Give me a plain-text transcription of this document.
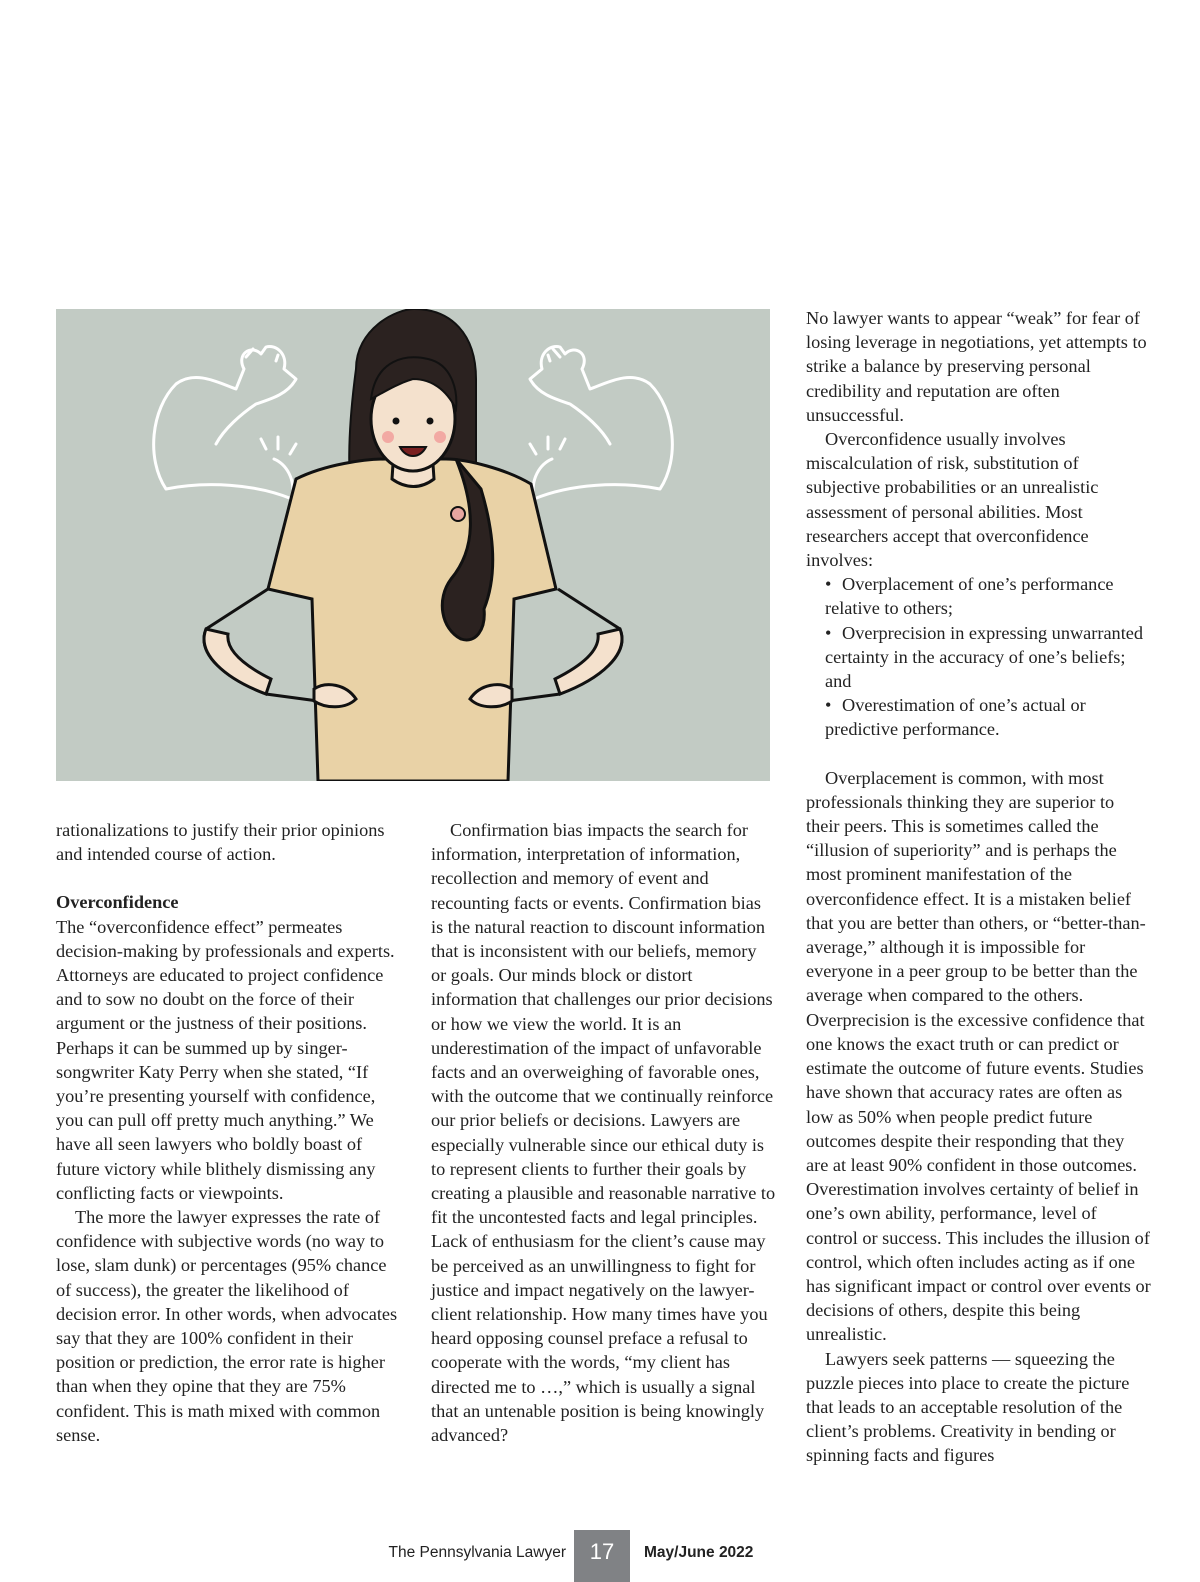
rationalizations to justify their prior opinions and intended course of action.

Overconfidence

The “overconfidence effect” permeates decision-making by professionals and experts. Attorneys are educated to project confidence and to sow no doubt on the force of their argument or the justness of their positions. Perhaps it can be summed up by singer-songwriter Katy Perry when she stated, “If you’re presenting yourself with confidence, you can pull off pretty much anything.” We have all seen lawyers who boldly boast of future victory while blithely dismissing any conflicting facts or viewpoints.

The more the lawyer expresses the rate of confidence with subjective words (no way to lose, slam dunk) or percentages (95% chance of success), the greater the likelihood of decision error. In other words, when advocates say that they are 100% confident in their position or prediction, the error rate is higher than when they opine that they are 75% confident. This is math mixed with common sense.

Confirmation bias impacts the search for information, interpretation of information, recollection and memory of event and recounting facts or events. Confirmation bias is the natural reaction to discount information that is inconsistent with our beliefs, memory or goals. Our minds block or distort information that challenges our prior decisions or how we view the world. It is an underestimation of the impact of unfavorable facts and an overweighing of favorable ones, with the outcome that we continually reinforce our prior beliefs or decisions. Lawyers are especially vulnerable since our ethical duty is to represent clients to further their goals by creating a plausible and reasonable narrative to fit the uncontested facts and legal principles. Lack of enthusiasm for the client’s cause may be perceived as an unwillingness to fight for justice and impact negatively on the lawyer-client relationship. How many times have you heard opposing counsel preface a refusal to cooperate with the words, “my client has directed me to …,” which is usually a signal that an untenable position is being knowingly advanced?

No lawyer wants to appear “weak” for fear of losing leverage in negotiations, yet attempts to strike a balance by preserving personal credibility and reputation are often unsuccessful.

Overconfidence usually involves miscalculation of risk, substitution of subjective probabilities or an unrealistic assessment of personal abilities. Most researchers accept that overconfidence involves:

• Overplacement of one’s performance relative to others;

• Overprecision in expressing unwarranted certainty in the accuracy of one’s beliefs; and

• Overestimation of one’s actual or predictive performance.

Overplacement is common, with most professionals thinking they are superior to their peers. This is sometimes called the “illusion of superiority” and is perhaps the most prominent manifestation of the overconfidence effect. It is a mistaken belief that you are better than others, or “better-than-average,” although it is impossible for everyone in a peer group to be better than the average when compared to the others. Overprecision is the excessive confidence that one knows the exact truth or can predict or estimate the outcome of future events. Studies have shown that accuracy rates are often as low as 50% when people predict future outcomes despite their responding that they are at least 90% confident in those outcomes. Overestimation involves certainty of belief in one’s own ability, performance, level of control or success. This includes the illusion of control, which often includes acting as if one has significant impact or control over events or decisions of others, despite this being unrealistic.

Lawyers seek patterns — squeezing the puzzle pieces into place to create the picture that leads to an acceptable resolution of the client’s problems. Creativity in bending or spinning facts and figures

The Pennsylvania Lawyer	17	May/June 2022
